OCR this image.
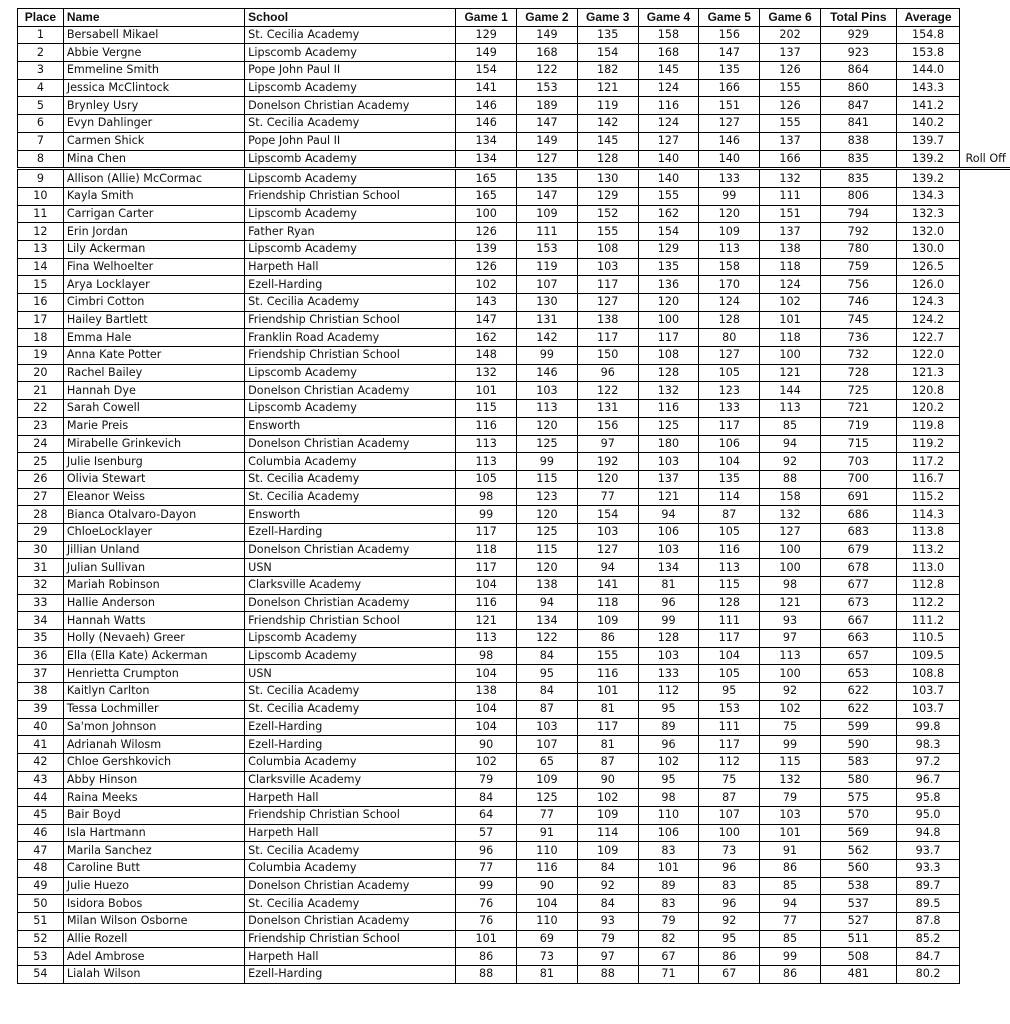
Place	Name	School	Game 1	Game 2	Game 3	Game 4	Game 5	Game 6	Total Pins	Average	
1	Bersabell Mikael	St. Cecilia Academy	129	149	135	158	156	202	929	154.8	
2	Abbie Vergne	Lipscomb Academy	149	168	154	168	147	137	923	153.8	
3	Emmeline Smith	Pope John Paul II	154	122	182	145	135	126	864	144.0	
4	Jessica McClintock	Lipscomb Academy	141	153	121	124	166	155	860	143.3	
5	Brynley Usry	Donelson Christian Academy	146	189	119	116	151	126	847	141.2	
6	Evyn Dahlinger	St. Cecilia Academy	146	147	142	124	127	155	841	140.2	
7	Carmen Shick	Pope John Paul II	134	149	145	127	146	137	838	139.7	
8	Mina Chen	Lipscomb Academy	134	127	128	140	140	166	835	139.2	Roll Off
9	Allison (Allie) McCormac	Lipscomb Academy	165	135	130	140	133	132	835	139.2	
10	Kayla Smith	Friendship Christian School	165	147	129	155	99	111	806	134.3	
11	Carrigan Carter	Lipscomb Academy	100	109	152	162	120	151	794	132.3	
12	Erin Jordan	Father Ryan	126	111	155	154	109	137	792	132.0	
13	Lily Ackerman	Lipscomb Academy	139	153	108	129	113	138	780	130.0	
14	Fina Welhoelter	Harpeth Hall	126	119	103	135	158	118	759	126.5	
15	Arya Locklayer	Ezell-Harding	102	107	117	136	170	124	756	126.0	
16	Cimbri Cotton	St. Cecilia Academy	143	130	127	120	124	102	746	124.3	
17	Hailey Bartlett	Friendship Christian School	147	131	138	100	128	101	745	124.2	
18	Emma Hale	Franklin Road Academy	162	142	117	117	80	118	736	122.7	
19	Anna Kate Potter	Friendship Christian School	148	99	150	108	127	100	732	122.0	
20	Rachel Bailey	Lipscomb Academy	132	146	96	128	105	121	728	121.3	
21	Hannah Dye	Donelson Christian Academy	101	103	122	132	123	144	725	120.8	
22	Sarah Cowell	Lipscomb Academy	115	113	131	116	133	113	721	120.2	
23	Marie Preis	Ensworth	116	120	156	125	117	85	719	119.8	
24	Mirabelle Grinkevich	Donelson Christian Academy	113	125	97	180	106	94	715	119.2	
25	Julie Isenburg	Columbia Academy	113	99	192	103	104	92	703	117.2	
26	Olivia Stewart	St. Cecilia Academy	105	115	120	137	135	88	700	116.7	
27	Eleanor Weiss	St. Cecilia Academy	98	123	77	121	114	158	691	115.2	
28	Bianca Otalvaro-Dayon	Ensworth	99	120	154	94	87	132	686	114.3	
29	ChloeLocklayer	Ezell-Harding	117	125	103	106	105	127	683	113.8	
30	Jillian Unland	Donelson Christian Academy	118	115	127	103	116	100	679	113.2	
31	Julian Sullivan	USN	117	120	94	134	113	100	678	113.0	
32	Mariah Robinson	Clarksville Academy	104	138	141	81	115	98	677	112.8	
33	Hallie Anderson	Donelson Christian Academy	116	94	118	96	128	121	673	112.2	
34	Hannah Watts	Friendship Christian School	121	134	109	99	111	93	667	111.2	
35	Holly (Nevaeh) Greer	Lipscomb Academy	113	122	86	128	117	97	663	110.5	
36	Ella (Ella Kate) Ackerman	Lipscomb Academy	98	84	155	103	104	113	657	109.5	
37	Henrietta Crumpton	USN	104	95	116	133	105	100	653	108.8	
38	Kaitlyn Carlton	St. Cecilia Academy	138	84	101	112	95	92	622	103.7	
39	Tessa Lochmiller	St. Cecilia Academy	104	87	81	95	153	102	622	103.7	
40	Sa'mon Johnson	Ezell-Harding	104	103	117	89	111	75	599	99.8	
41	Adrianah Wilosm	Ezell-Harding	90	107	81	96	117	99	590	98.3	
42	Chloe Gershkovich	Columbia Academy	102	65	87	102	112	115	583	97.2	
43	Abby Hinson	Clarksville Academy	79	109	90	95	75	132	580	96.7	
44	Raina Meeks	Harpeth Hall	84	125	102	98	87	79	575	95.8	
45	Bair Boyd	Friendship Christian School	64	77	109	110	107	103	570	95.0	
46	Isla Hartmann	Harpeth Hall	57	91	114	106	100	101	569	94.8	
47	Marila Sanchez	St. Cecilia Academy	96	110	109	83	73	91	562	93.7	
48	Caroline Butt	Columbia Academy	77	116	84	101	96	86	560	93.3	
49	Julie Huezo	Donelson Christian Academy	99	90	92	89	83	85	538	89.7	
50	Isidora Bobos	St. Cecilia Academy	76	104	84	83	96	94	537	89.5	
51	Milan Wilson Osborne	Donelson Christian Academy	76	110	93	79	92	77	527	87.8	
52	Allie Rozell	Friendship Christian School	101	69	79	82	95	85	511	85.2	
53	Adel Ambrose	Harpeth Hall	86	73	97	67	86	99	508	84.7	
54	Lialah Wilson	Ezell-Harding	88	81	88	71	67	86	481	80.2	
